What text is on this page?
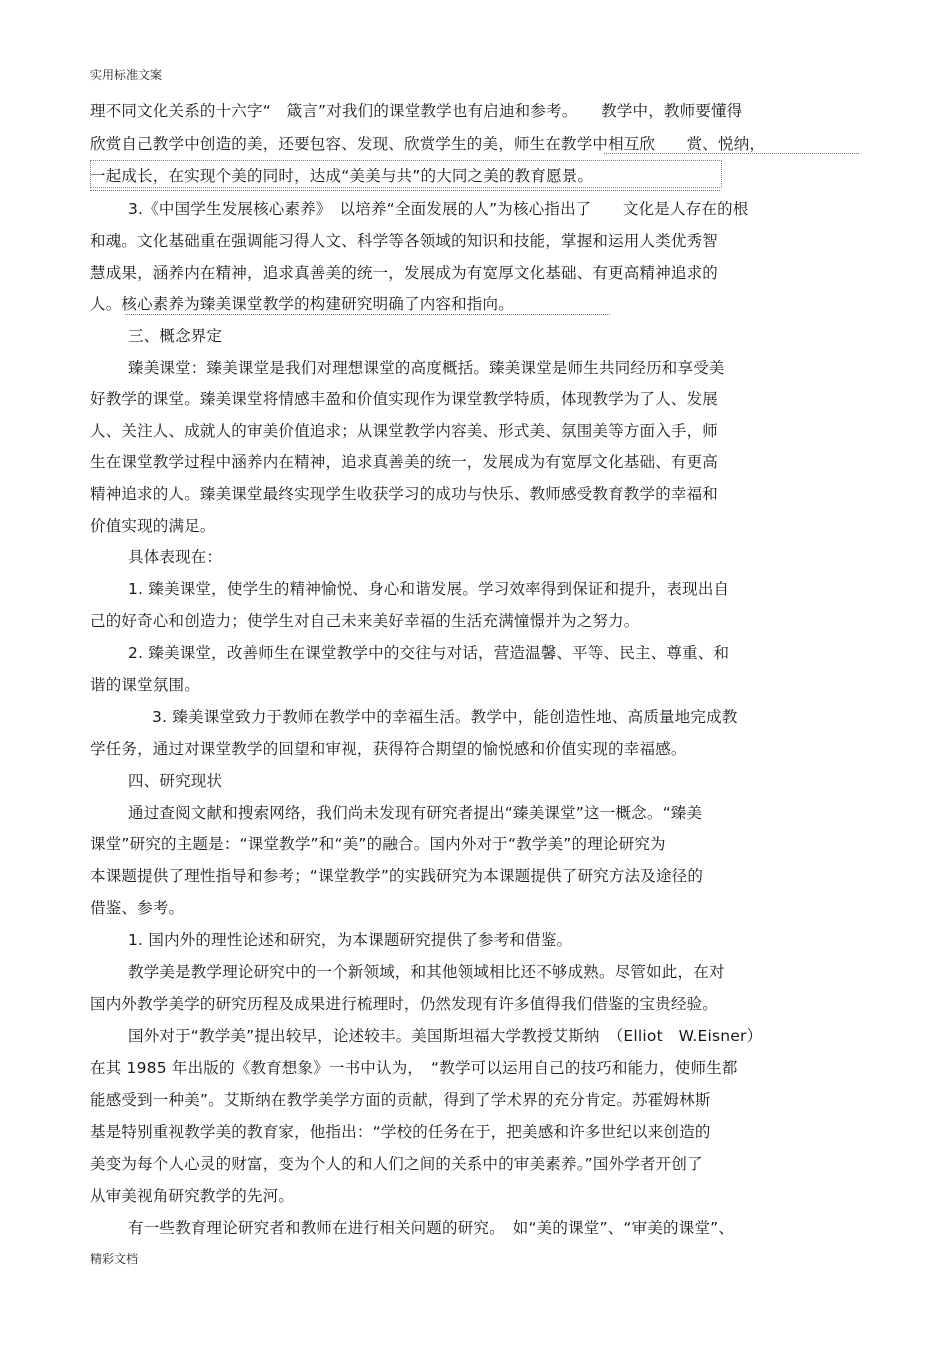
实用标准文案
理不同文化关系的十六字“　箴言”对我们的课堂教学也有启迪和参考。　　教学中，教师要懂得
欣赏自己教学中创造的美，还要包容、发现、欣赏学生的美，师生在教学中相互欣　　赏、悦纳，
一起成长，在实现个美的同时，达成“美美与共”的大同之美的教育愿景。
3.《中国学生发展核心素养》　以培养“全面发展的人”为核心指出了　　文化是人存在的根
和魂。文化基础重在强调能习得人文、科学等各领域的知识和技能，掌握和运用人类优秀智
慧成果，涵养内在精神，追求真善美的统一，发展成为有宽厚文化基础、有更高精神追求的
人。核心素养为臻美课堂教学的构建研究明确了内容和指向。
三、概念界定
臻美课堂：臻美课堂是我们对理想课堂的高度概括。臻美课堂是师生共同经历和享受美
好教学的课堂。臻美课堂将情感丰盈和价值实现作为课堂教学特质，体现教学为了人、发展
人、关注人、成就人的审美价值追求；从课堂教学内容美、形式美、氛围美等方面入手，师
生在课堂教学过程中涵养内在精神，追求真善美的统一，发展成为有宽厚文化基础、有更高
精神追求的人。臻美课堂最终实现学生收获学习的成功与快乐、教师感受教育教学的幸福和
价值实现的满足。
具体表现在：
1. 臻美课堂，使学生的精神愉悦、身心和谐发展。学习效率得到保证和提升，表现出自
己的好奇心和创造力；使学生对自己未来美好幸福的生活充满憧憬并为之努力。
2. 臻美课堂，改善师生在课堂教学中的交往与对话，营造温馨、平等、民主、尊重、和
谐的课堂氛围。
3. 臻美课堂致力于教师在教学中的幸福生活。教学中，能创造性地、高质量地完成教
学任务，通过对课堂教学的回望和审视，获得符合期望的愉悦感和价值实现的幸福感。
四、研究现状
通过查阅文献和搜索网络，我们尚未发现有研究者提出“臻美课堂”这一概念。“臻美
课堂”研究的主题是：“课堂教学”和“美”的融合。国内外对于“教学美”的理论研究为
本课题提供了理性指导和参考；“课堂教学”的实践研究为本课题提供了研究方法及途径的
借鉴、参考。
1. 国内外的理性论述和研究，为本课题研究提供了参考和借鉴。
教学美是教学理论研究中的一个新领域，和其他领域相比还不够成熟。尽管如此，在对
国内外教学美学的研究历程及成果进行梳理时，仍然发现有许多值得我们借鉴的宝贵经验。
国外对于“教学美”提出较早，论述较丰。美国斯坦福大学教授艾斯纳　（Elliot　W.Eisner）
在其 1985 年出版的《教育想象》一书中认为，　“教学可以运用自己的技巧和能力，使师生都
能感受到一种美”。艾斯纳在教学美学方面的贡献，得到了学术界的充分肯定。苏霍姆林斯
基是特别重视教学美的教育家，他指出：“学校的任务在于，把美感和许多世纪以来创造的
美变为每个人心灵的财富，变为个人的和人们之间的关系中的审美素养。”国外学者开创了
从审美视角研究教学的先河。
有一些教育理论研究者和教师在进行相关问题的研究。　如“美的课堂”、“审美的课堂”、
精彩文档
